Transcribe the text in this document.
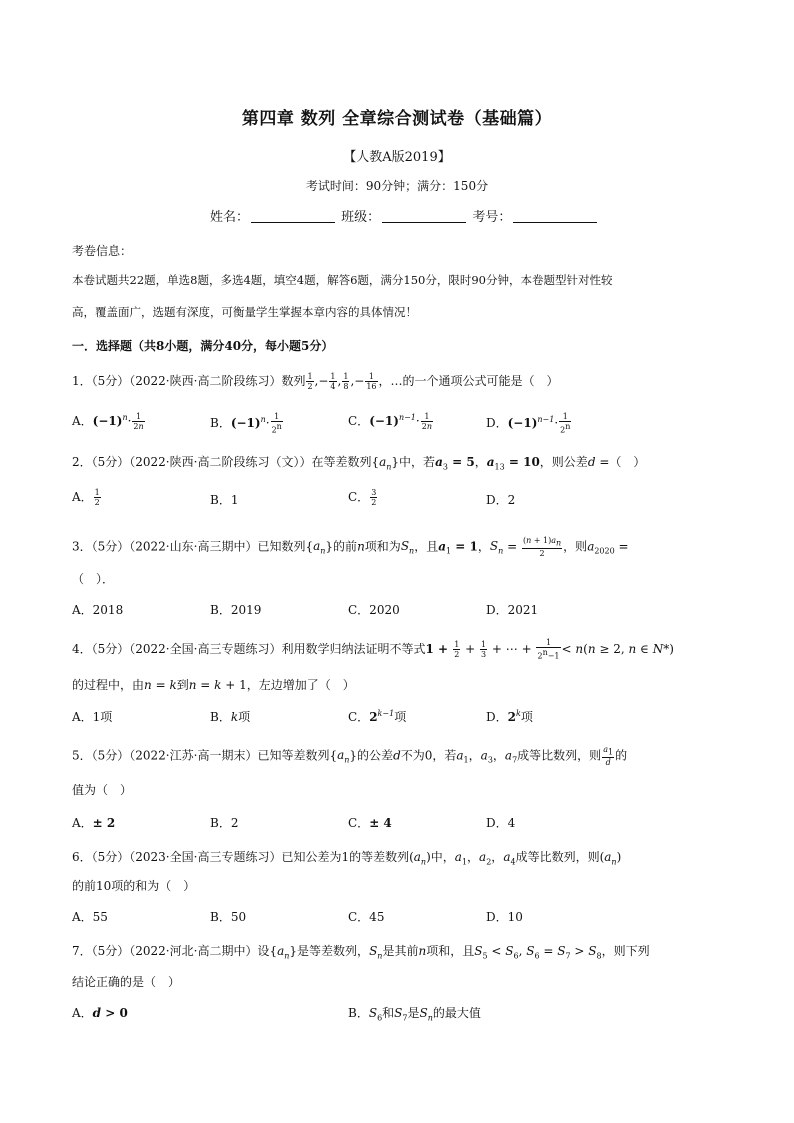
第四章 数列 全章综合测试卷（基础篇）
【人教A版2019】
考试时间：90分钟；满分：150分
姓名：	班级：	考号：
考卷信息：
本卷试题共22题，单选8题，多选4题，填空4题，解答6题，满分150分，限时90分钟，本卷题型针对性较
高，覆盖面广，选题有深度，可衡量学生掌握本章内容的具体情况！
一．选择题（共8小题，满分40分，每小题5分）
1．（5分）（2022·陕西·高二阶段练习）数列 $\frac{1}{2}$ ,− $\frac{1}{4}$ , $\frac{1}{8}$ ,− $\frac{1}{16}$ ，…的一个通项公式可能是（　）
A．$(-1)^n\cdot \frac{1}{2n}$	B．$(-1)^n\cdot \frac{1}{2^n}$	C．$(-1)^{n-1}\cdot \frac{1}{2n}$	D．$(-1)^{n-1}\cdot \frac{1}{2^n}$
2．（5分）（2022·陕西·高二阶段练习（文））在等差数列$\{a_n\}$中，若$a_3 = 5$，$a_{13} = 10$，则公差d =（　）
A． $\frac{1}{2}$	B．1	C． $\frac{3}{2}$	D．2
3．（5分）（2022·山东·高三期中）已知数列$\{a_n\}$的前n项和为$S_n$，且$a_1 = 1$，$S_n = \frac{(n + 1)a_n}{2}$ ，则$a_{2020}$ =
（　）．
A．2018	B．2019	C．2020	D．2021
4．（5分）（2022·全国·高三专题练习）利用数学归纳法证明不等式$1 + \frac{1}{2} + \frac{1}{3}$ + ⋯ + $\frac{1}{2^n-1} < n(n \ge 2$, n ∈ N*)
的过程中，由n = k到n = k + 1，左边增加了（　）
A．1项	B．k项	C．$2^{k-1}$项	D．2$^k$项
5．（5分）（2022·江苏·高一期末）已知等差数列$\{a_n\}$的公差d不为0，若$a_1$，$a_3$，$a_7$成等比数列，则 $\frac{a_1}{d}$ 的
值为（　）
A．± 2	B．2	C．± 4	D．4
6．（5分）（2023·全国·高三专题练习）已知公差为1的等差数列$(a_n)$中，$a_1$，$a_2$，$a_4$成等比数列，则$(a_n)$
的前10项的和为（　）
A．55	B．50	C．45	D．10
7．（5分）（2022·河北·高二期中）设$\{a_n\}$是等差数列，$S_n$是其前n项和，且$S_5 < S_6$, $S_6 = S_7 > S_8$，则下列
结论正确的是（　）
A．d > 0	B．$S_6$和$S_7$是$S_n$的最大值
